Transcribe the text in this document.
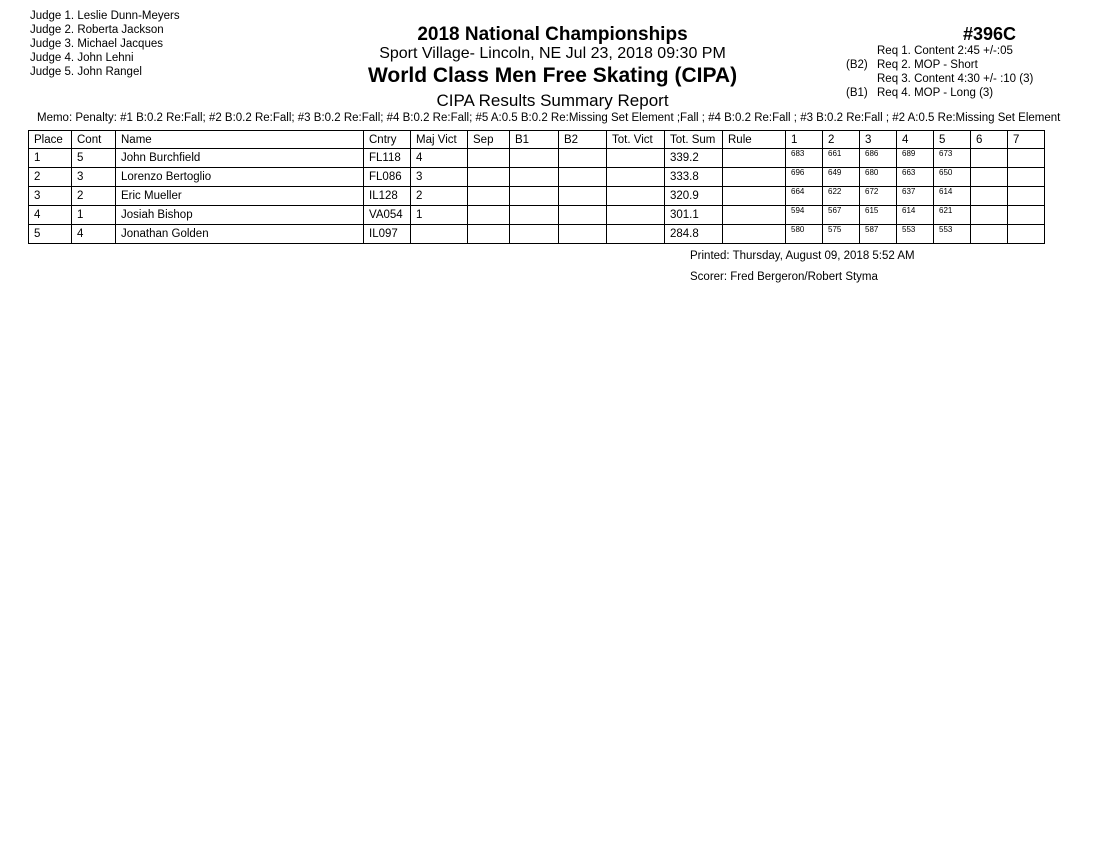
Judge 1. Leslie Dunn-Meyers
Judge 2. Roberta Jackson
Judge 3. Michael Jacques
Judge 4. John Lehni
Judge 5. John Rangel
2018 National Championships
Sport Village- Lincoln, NE Jul 23, 2018 09:30 PM
World Class Men Free Skating (CIPA)
CIPA Results Summary Report
#396C
Req 1. Content 2:45 +/-:05
(B2) Req 2. MOP - Short
Req 3. Content 4:30 +/- :10 (3)
(B1) Req 4. MOP - Long (3)
Memo: Penalty: #1 B:0.2 Re:Fall; #2 B:0.2 Re:Fall; #3 B:0.2 Re:Fall; #4 B:0.2 Re:Fall; #5 A:0.5 B:0.2 Re:Missing Set Element ;Fall ; #4 B:0.2 Re:Fall ; #3 B:0.2 Re:Fall ; #2 A:0.5 Re:Missing Set Element
Place	Cont	Name	Cntry	Maj Vict	Sep	B1	B2	Tot. Vict	Tot. Sum	Rule	1	2	3	4	5	6	7
1	5	John Burchfield	FL118	4					339.2		683	661	686	689	673		
2	3	Lorenzo Bertoglio	FL086	3					333.8		696	649	680	663	650		
3	2	Eric Mueller	IL128	2					320.9		664	622	672	637	614		
4	1	Josiah Bishop	VA054	1					301.1		594	567	615	614	621		
5	4	Jonathan Golden	IL097						284.8		580	575	587	553	553		
Printed: Thursday, August 09, 2018 5:52 AM
Scorer: Fred Bergeron/Robert Styma
